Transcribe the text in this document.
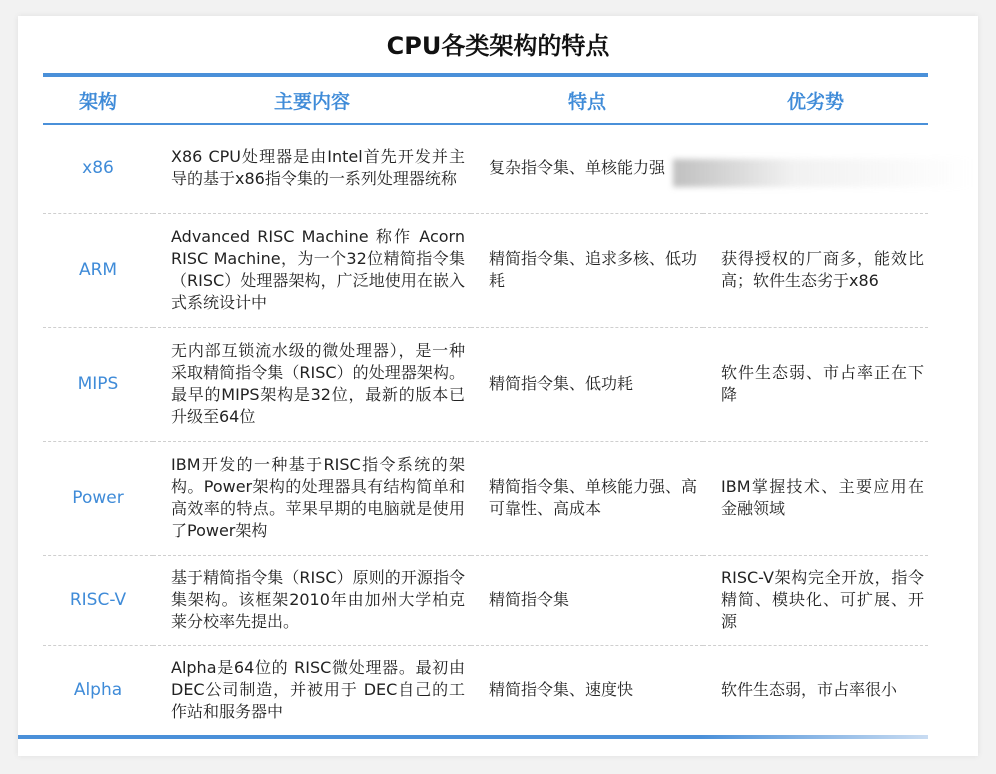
CPU各类架构的特点
架构	主要内容	特点	优劣势
x86	X86 CPU处理器是由Intel首先开发并主导的基于x86指令集的一系列处理器统称	复杂指令集、单核能力强	
ARM	Advanced RISC Machine 称作 Acorn RISC Machine，为一个32位精简指令集（RISC）处理器架构，广泛地使用在嵌入式系统设计中	精简指令集、追求多核、低功耗	获得授权的厂商多，能效比高；软件生态劣于x86
MIPS	无内部互锁流水级的微处理器），是一种采取精简指令集（RISC）的处理器架构。最早的MIPS架构是32位，最新的版本已升级至64位	精简指令集、低功耗	软件生态弱、市占率正在下降
Power	IBM开发的一种基于RISC指令系统的架构。Power架构的处理器具有结构简单和高效率的特点。苹果早期的电脑就是使用了Power架构	精简指令集、单核能力强、高可靠性、高成本	IBM掌握技术、主要应用在金融领域
RISC-V	基于精简指令集（RISC）原则的开源指令集架构。该框架2010年由加州大学柏克莱分校率先提出。	精简指令集	RISC-V架构完全开放，指令精简、模块化、可扩展、开源
Alpha	Alpha是64位的 RISC微处理器。最初由DEC公司制造，并被用于 DEC自己的工作站和服务器中	精简指令集、速度快	软件生态弱，市占率很小
